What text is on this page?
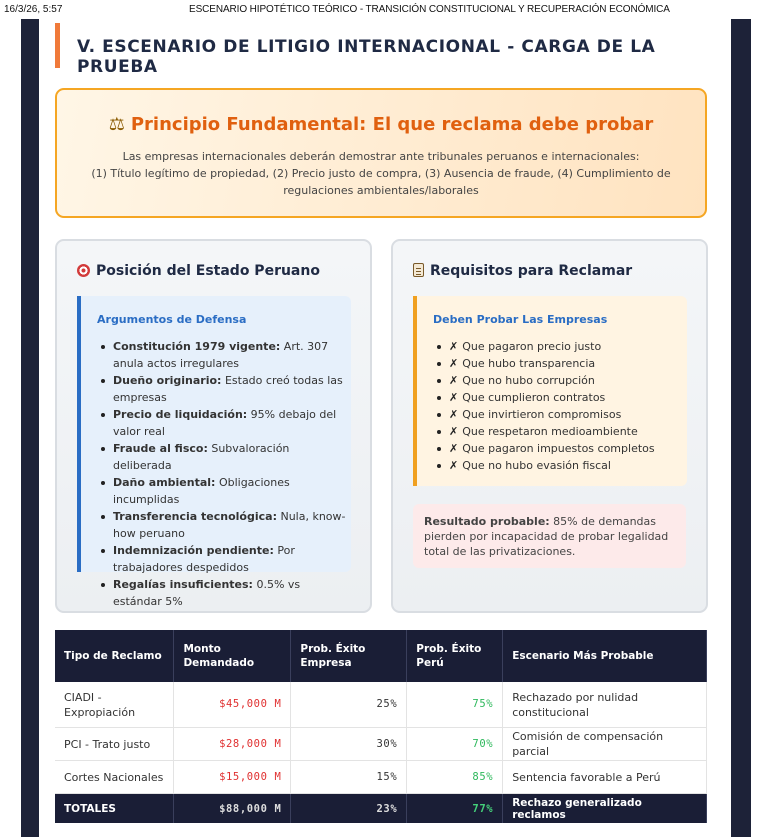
16/3/26, 5:57	ESCENARIO HIPOTÉTICO TEÓRICO - TRANSICIÓN CONSTITUCIONAL Y RECUPERACIÓN ECONÓMICA
V. ESCENARIO DE LITIGIO INTERNACIONAL - CARGA DE LA PRUEBA
⚖ Principio Fundamental: El que reclama debe probar

Las empresas internacionales deberán demostrar ante tribunales peruanos e internacionales:
(1) Título legítimo de propiedad, (2) Precio justo de compra, (3) Ausencia de fraude, (4) Cumplimiento de regulaciones ambientales/laborales

Posición del Estado Peruano
Argumentos de Defensa
Constitución 1979 vigente: Art. 307 anula actos irregulares
Dueño originario: Estado creó todas las empresas
Precio de liquidación: 95% debajo del valor real
Fraude al fisco: Subvaloración deliberada
Daño ambiental: Obligaciones incumplidas
Transferencia tecnológica: Nula, know-how peruano
Indemnización pendiente: Por trabajadores despedidos
Regalías insuficientes: 0.5% vs estándar 5%
Requisitos para Reclamar
Deben Probar Las Empresas
✗ Que pagaron precio justo
✗ Que hubo transparencia
✗ Que no hubo corrupción
✗ Que cumplieron contratos
✗ Que invirtieron compromisos
✗ Que respetaron medioambiente
✗ Que pagaron impuestos completos
✗ Que no hubo evasión fiscal

Resultado probable: 85% de demandas pierden por incapacidad de probar legalidad total de las privatizaciones.

Tipo de Reclamo	Monto Demandado	Prob. Éxito Empresa	Prob. Éxito Perú	Escenario Más Probable
CIADI - Expropiación	$45,000 M	25%	75%	Rechazado por nulidad constitucional
PCI - Trato justo	$28,000 M	30%	70%	Comisión de compensación parcial
Cortes Nacionales	$15,000 M	15%	85%	Sentencia favorable a Perú
TOTALES	$88,000 M	23%	77%	Rechazo generalizado reclamos
